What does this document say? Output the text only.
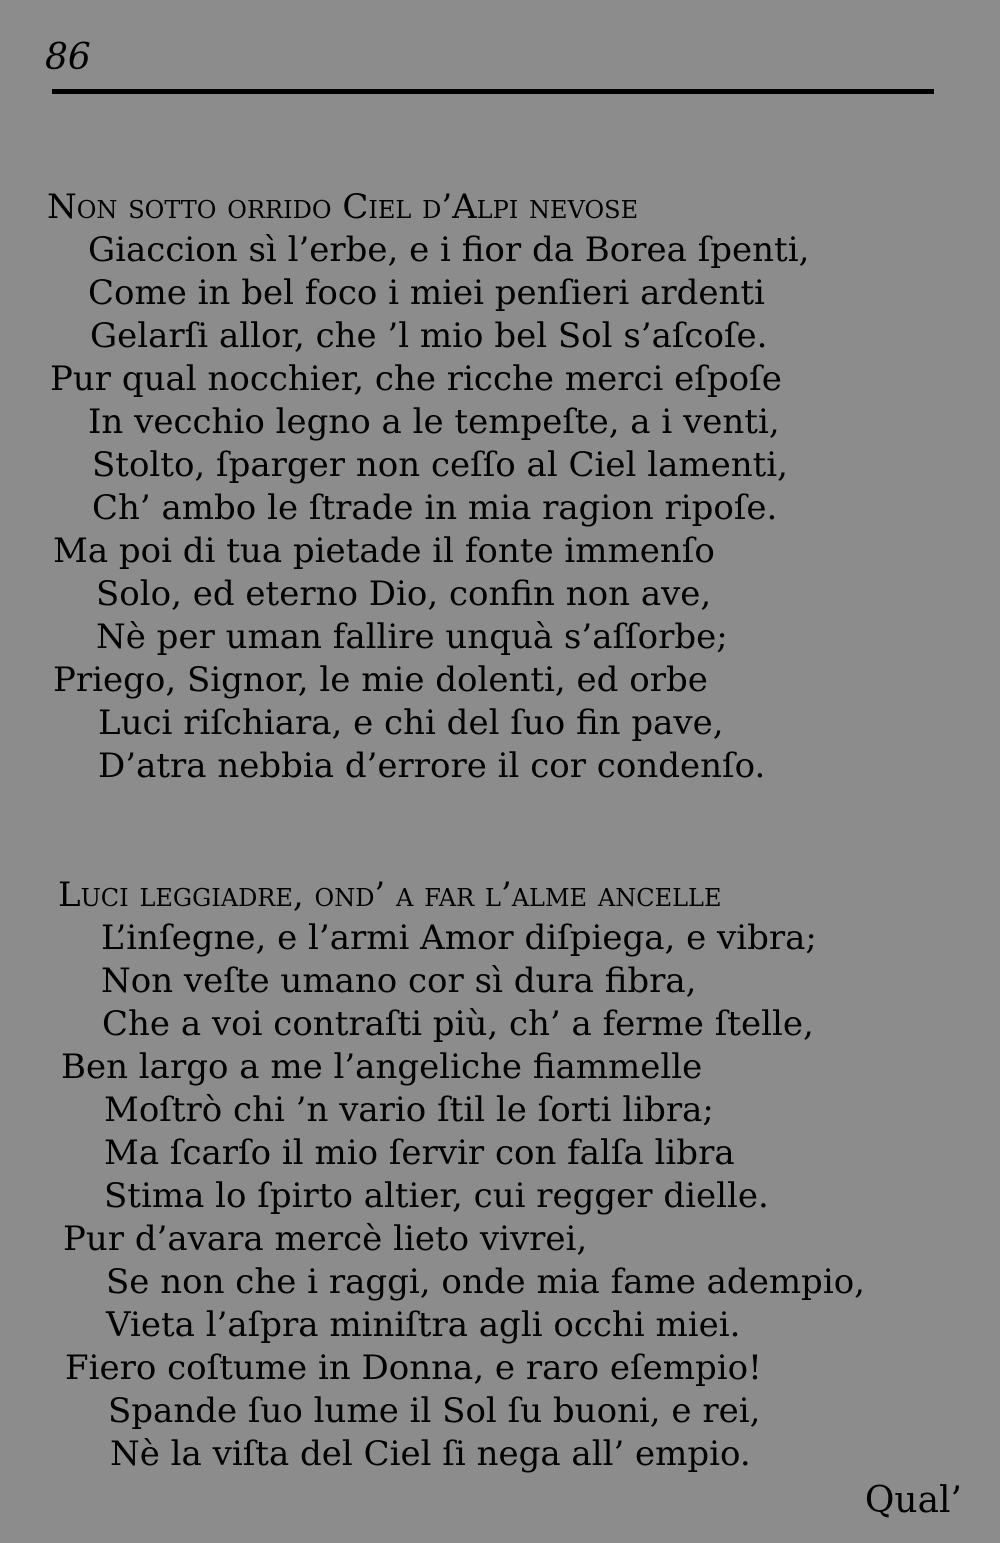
86
Non ſotto orrido Ciel d’Alpi nevoſe
Giaccion sì l’erbe, e i fior da Borea ſpenti,
Come in bel foco i miei penſieri ardenti
Gelarſi allor, che ’l mio bel Sol s’aſcoſe.
Pur qual nocchier, che ricche merci eſpoſe
In vecchio legno a le tempeſte, a i venti,
Stolto, ſparger non ceſſo al Ciel lamenti,
Ch’ ambo le ſtrade in mia ragion ripoſe.
Ma poi di tua pietade il fonte immenſo
Solo, ed eterno Dio, confin non ave,
Nè per uman fallire unquà s’aſſorbe;
Priego, Signor, le mie dolenti, ed orbe
Luci riſchiara, e chi del ſuo fin pave,
D’atra nebbia d’errore il cor condenſo.
Luci leggiadre, ond’ a far l’alme ancelle
L’inſegne, e l’armi Amor diſpiega, e vibra;
Non veſte umano cor sì dura fibra,
Che a voi contraſti più, ch’ a ferme ſtelle,
Ben largo a me l’angeliche fiammelle
Moſtrò chi ’n vario ſtil le ſorti libra;
Ma ſcarſo il mio ſervir con falſa libra
Stima lo ſpirto altier, cui regger dielle.
Pur d’avara mercè lieto vivrei,
Se non che i raggi, onde mia fame adempio,
Vieta l’aſpra miniſtra agli occhi miei.
Fiero coſtume in Donna, e raro eſempio!
Spande ſuo lume il Sol ſu buoni, e rei,
Nè la viſta del Ciel ſi nega all’ empio.
Qual’
